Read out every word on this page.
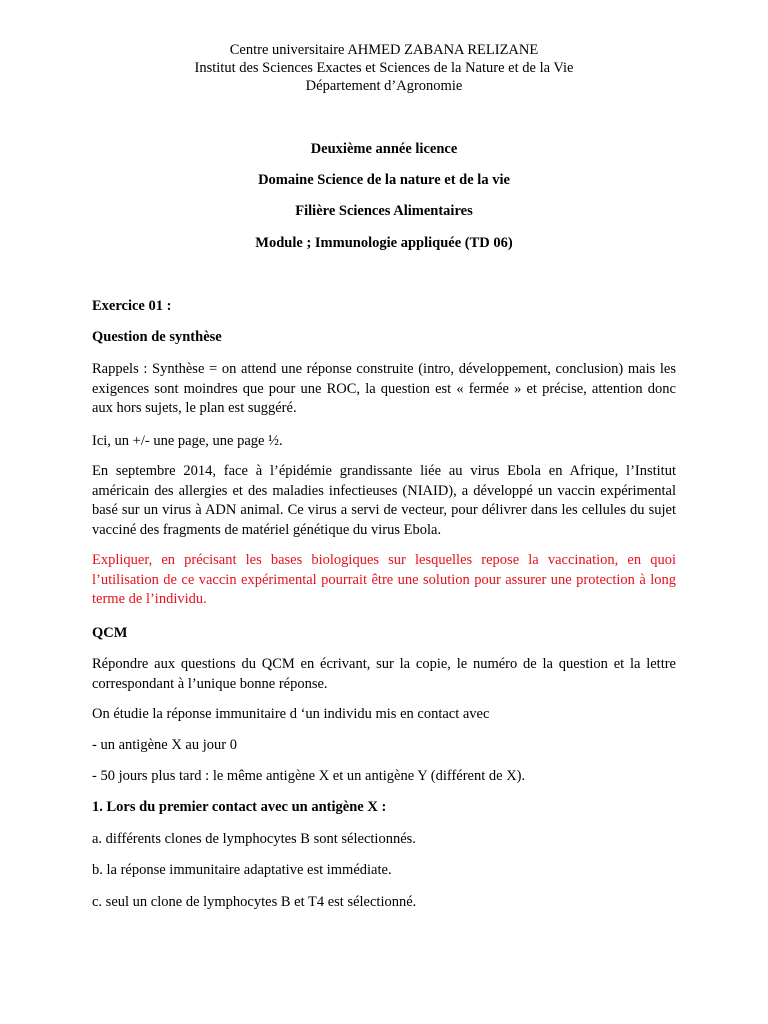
Centre universitaire AHMED ZABANA RELIZANE
Institut des Sciences Exactes et Sciences de la Nature et de la Vie
Département d’Agronomie
Deuxième année licence
Domaine Science de la nature et de la vie
Filière Sciences Alimentaires
Module ; Immunologie appliquée (TD 06)
Exercice 01 :
Question de synthèse
Rappels : Synthèse = on attend une réponse construite (intro, développement, conclusion) mais les exigences sont moindres que pour une ROC, la question est « fermée » et précise, attention donc aux hors sujets, le plan est suggéré.
Ici, un +/- une page, une page ½.
En septembre 2014, face à l’épidémie grandissante liée au virus Ebola en Afrique, l’Institut américain des allergies et des maladies infectieuses (NIAID), a développé un vaccin expérimental basé sur un virus à ADN animal. Ce virus a servi de vecteur, pour délivrer dans les cellules du sujet vacciné des fragments de matériel génétique du virus Ebola.
Expliquer, en précisant les bases biologiques sur lesquelles repose la vaccination, en quoi l’utilisation de ce vaccin expérimental pourrait être une solution pour assurer une protection à long terme de l’individu.
QCM
Répondre aux questions du QCM en écrivant, sur la copie, le numéro de la question et la lettre correspondant à l’unique bonne réponse.
On étudie la réponse immunitaire d ‘un individu mis en contact avec
- un antigène X au jour 0
- 50 jours plus tard : le même antigène X et un antigène Y (différent de X).
1. Lors du premier contact avec un antigène X :
a. différents clones de lymphocytes B sont sélectionnés.
b. la réponse immunitaire adaptative est immédiate.
c. seul un clone de lymphocytes B et T4 est sélectionné.
